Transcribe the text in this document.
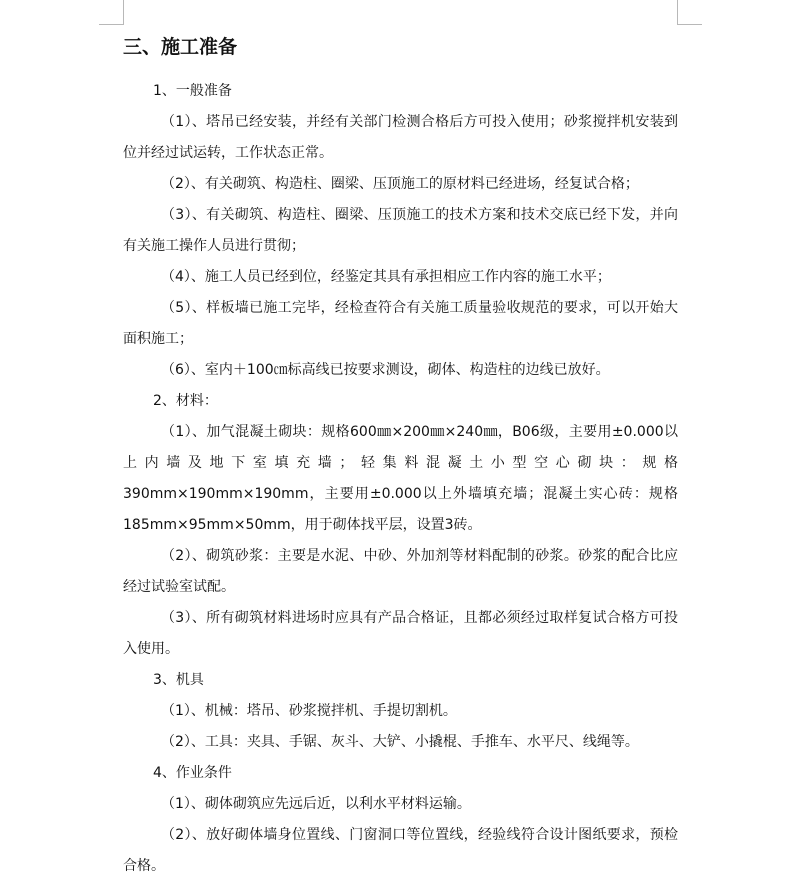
三、施工准备

1、一般准备

（1）、塔吊已经安装，并经有关部门检测合格后方可投入使用；砂浆搅拌机安装到位并经过试运转，工作状态正常。

（2）、有关砌筑、构造柱、圈梁、压顶施工的原材料已经进场，经复试合格；

（3）、有关砌筑、构造柱、圈梁、压顶施工的技术方案和技术交底已经下发，并向有关施工操作人员进行贯彻；

（4）、施工人员已经到位，经鉴定其具有承担相应工作内容的施工水平；

（5）、样板墙已施工完毕，经检查符合有关施工质量验收规范的要求，可以开始大面积施工；

（6）、室内＋100㎝标高线已按要求测设，砌体、构造柱的边线已放好。

2、材料：

（1）、加气混凝土砌块：规格600㎜×200㎜×240㎜，B06级，主要用±0.000以上内墙及地下室填充墙；轻集料混凝土小型空心砌块：规格390mm×190mm×190mm，主要用±0.000以上外墙填充墙；混凝土实心砖：规格185mm×95mm×50mm，用于砌体找平层，设置3砖。

（2）、砌筑砂浆：主要是水泥、中砂、外加剂等材料配制的砂浆。砂浆的配合比应经过试验室试配。

（3）、所有砌筑材料进场时应具有产品合格证，且都必须经过取样复试合格方可投入使用。

3、机具

（1）、机械：塔吊、砂浆搅拌机、手提切割机。

（2）、工具：夹具、手锯、灰斗、大铲、小撬棍、手推车、水平尺、线绳等。

4、作业条件

（1）、砌体砌筑应先远后近，以利水平材料运输。

（2）、放好砌体墙身位置线、门窗洞口等位置线，经验线符合设计图纸要求，预检合格。
